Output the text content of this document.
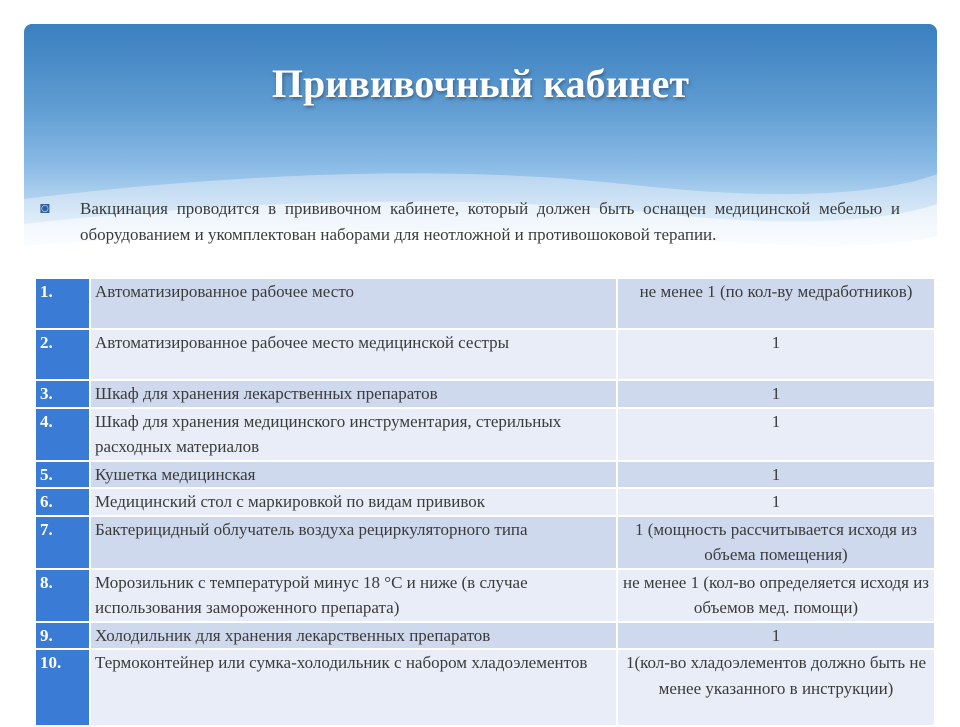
Прививочный кабинет
◙	Вакцинация проводится в прививочном кабинете, который должен быть оснащен медицинской мебелью и оборудованием и укомплектован наборами для неотложной и противошоковой терапии.
1.	Автоматизированное рабочее место	не менее 1 (по кол-ву медработников)
2.	Автоматизированное рабочее место медицинской сестры	1
3.	Шкаф для хранения лекарственных препаратов	1
4.	Шкаф для хранения медицинского инструментария, стерильных расходных материалов	1
5.	Кушетка медицинская	1
6.	Медицинский стол с маркировкой по видам прививок	1
7.	Бактерицидный облучатель воздуха рециркуляторного типа	1 (мощность рассчитывается исходя из объема помещения)
8.	Морозильник с температурой минус 18 °С и ниже (в случае использования замороженного препарата)	не менее 1 (кол-во определяется исходя из объемов мед. помощи)
9.	Холодильник для хранения лекарственных препаратов	1
10.	Термоконтейнер или сумка-холодильник с набором хладоэлементов	1(кол-во хладоэлементов должно быть не менее указанного в инструкции)
